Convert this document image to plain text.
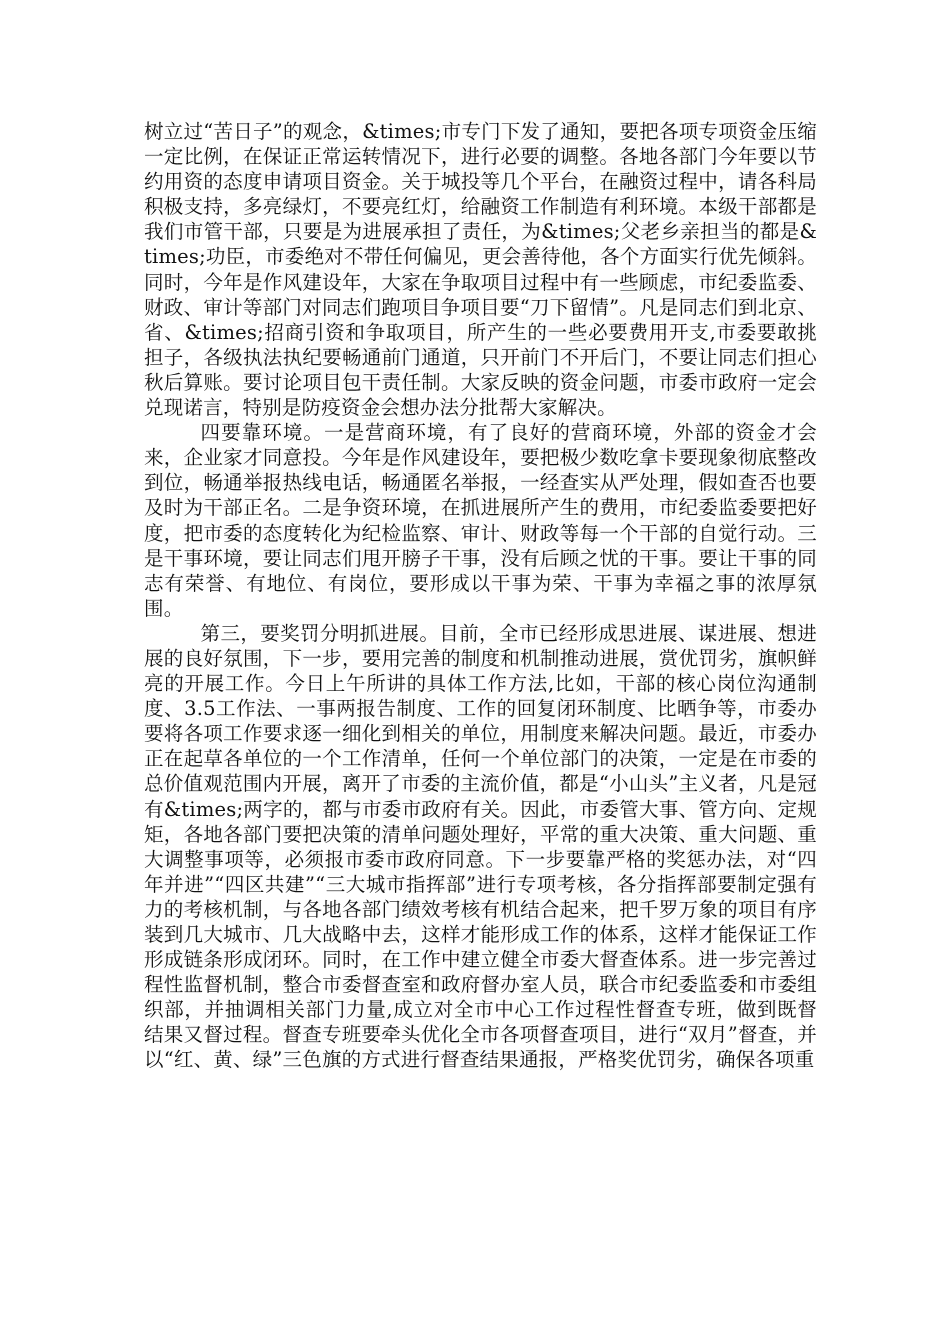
树立过“苦日子”的观念，&times;市专门下发了通知，要把各项专项资金压缩一定比例，在保证正常运转情况下，进行必要的调整。各地各部门今年要以节约用资的态度申请项目资金。关于城投等几个平台，在融资过程中，请各科局积极支持，多亮绿灯，不要亮红灯，给融资工作制造有利环境。本级干部都是我们市管干部，只要是为进展承担了责任，为&times;父老乡亲担当的都是&times;功臣，市委绝对不带任何偏见，更会善待他，各个方面实行优先倾斜。同时，今年是作风建设年，大家在争取项目过程中有一些顾虑，市纪委监委、财政、审计等部门对同志们跑项目争项目要“刀下留情”。凡是同志们到北京、省、&times;招商引资和争取项目，所产生的一些必要费用开支,市委要敢挑担子，各级执法执纪要畅通前门通道，只开前门不开后门，不要让同志们担心秋后算账。要讨论项目包干责任制。大家反映的资金问题，市委市政府一定会兑现诺言，特别是防疫资金会想办法分批帮大家解决。

四要靠环境。一是营商环境，有了良好的营商环境，外部的资金才会来，企业家才同意投。今年是作风建设年，要把极少数吃拿卡要现象彻底整改到位，畅通举报热线电话，畅通匿名举报，一经查实从严处理，假如查否也要及时为干部正名。二是争资环境，在抓进展所产生的费用，市纪委监委要把好度，把市委的态度转化为纪检监察、审计、财政等每一个干部的自觉行动。三是干事环境，要让同志们甩开膀子干事，没有后顾之忧的干事。要让干事的同志有荣誉、有地位、有岗位，要形成以干事为荣、干事为幸福之事的浓厚氛围。

第三，要奖罚分明抓进展。目前，全市已经形成思进展、谋进展、想进展的良好氛围，下一步，要用完善的制度和机制推动进展，赏优罚劣，旗帜鲜亮的开展工作。今日上午所讲的具体工作方法,比如，干部的核心岗位沟通制度、3.5工作法、一事两报告制度、工作的回复闭环制度、比晒争等，市委办要将各项工作要求逐一细化到相关的单位，用制度来解决问题。最近，市委办正在起草各单位的一个工作清单，任何一个单位部门的决策，一定是在市委的总价值观范围内开展，离开了市委的主流价值，都是“小山头”主义者，凡是冠有&times;两字的，都与市委市政府有关。因此，市委管大事、管方向、定规矩，各地各部门要把决策的清单问题处理好，平常的重大决策、重大问题、重大调整事项等，必须报市委市政府同意。下一步要靠严格的奖惩办法，对“四年并进”“四区共建”“三大城市指挥部”进行专项考核，各分指挥部要制定强有力的考核机制，与各地各部门绩效考核有机结合起来，把千罗万象的项目有序装到几大城市、几大战略中去，这样才能形成工作的体系，这样才能保证工作形成链条形成闭环。同时，在工作中建立健全市委大督查体系。进一步完善过程性监督机制，整合市委督查室和政府督办室人员，联合市纪委监委和市委组织部，并抽调相关部门力量,成立对全市中心工作过程性督查专班，做到既督结果又督过程。督查专班要牵头优化全市各项督查项目，进行“双月”督查，并以“红、黄、绿”三色旗的方式进行督查结果通报，严格奖优罚劣，确保各项重
